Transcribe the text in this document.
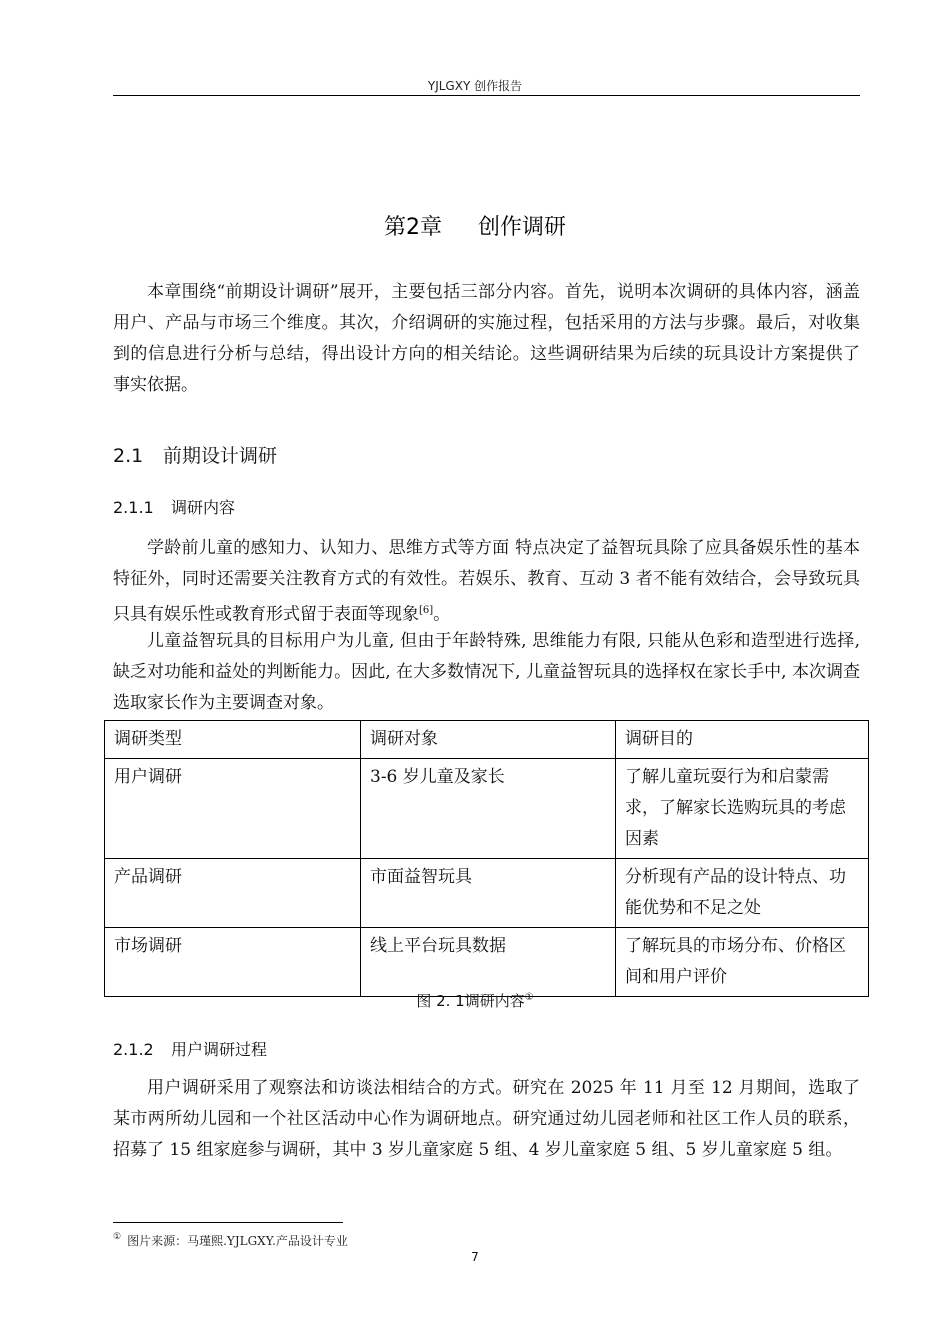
YJLGXY 创作报告
第2章 创作调研

本章围绕“前期设计调研”展开，主要包括三部分内容。首先，说明本次调研的具体内容，涵盖用户、产品与市场三个维度。其次，介绍调研的实施过程，包括采用的方法与步骤。最后，对收集到的信息进行分析与总结，得出设计方向的相关结论。这些调研结果为后续的玩具设计方案提供了事实依据。

2.1 前期设计调研
2.1.1 调研内容

学龄前儿童的感知力、认知力、思维方式等方面 特点决定了益智玩具除了应具备娱乐性的基本特征外，同时还需要关注教育方式的有效性。若娱乐、教育、互动 3 者不能有效结合，会导致玩具只具有娱乐性或教育形式留于表面等现象[6]。

儿童益智玩具的目标用户为儿童, 但由于年龄特殊, 思维能力有限, 只能从色彩和造型进行选择, 缺乏对功能和益处的判断能力。因此, 在大多数情况下, 儿童益智玩具的选择权在家长手中, 本次调查选取家长作为主要调查对象。

调研类型	调研对象	调研目的
用户调研	3-6 岁儿童及家长	了解儿童玩耍行为和启蒙需求，了解家长选购玩具的考虑因素
产品调研	市面益智玩具	分析现有产品的设计特点、功能优势和不足之处
市场调研	线上平台玩具数据	了解玩具的市场分布、价格区间和用户评价
图 2. 1调研内容①
2.1.2 用户调研过程

用户调研采用了观察法和访谈法相结合的方式。研究在 2025 年 11 月至 12 月期间，选取了某市两所幼儿园和一个社区活动中心作为调研地点。研究通过幼儿园老师和社区工作人员的联系，招募了 15 组家庭参与调研，其中 3 岁儿童家庭 5 组、4 岁儿童家庭 5 组、5 岁儿童家庭 5 组。

① 图片来源：马瑾熙.YJLGXY.产品设计专业
7
